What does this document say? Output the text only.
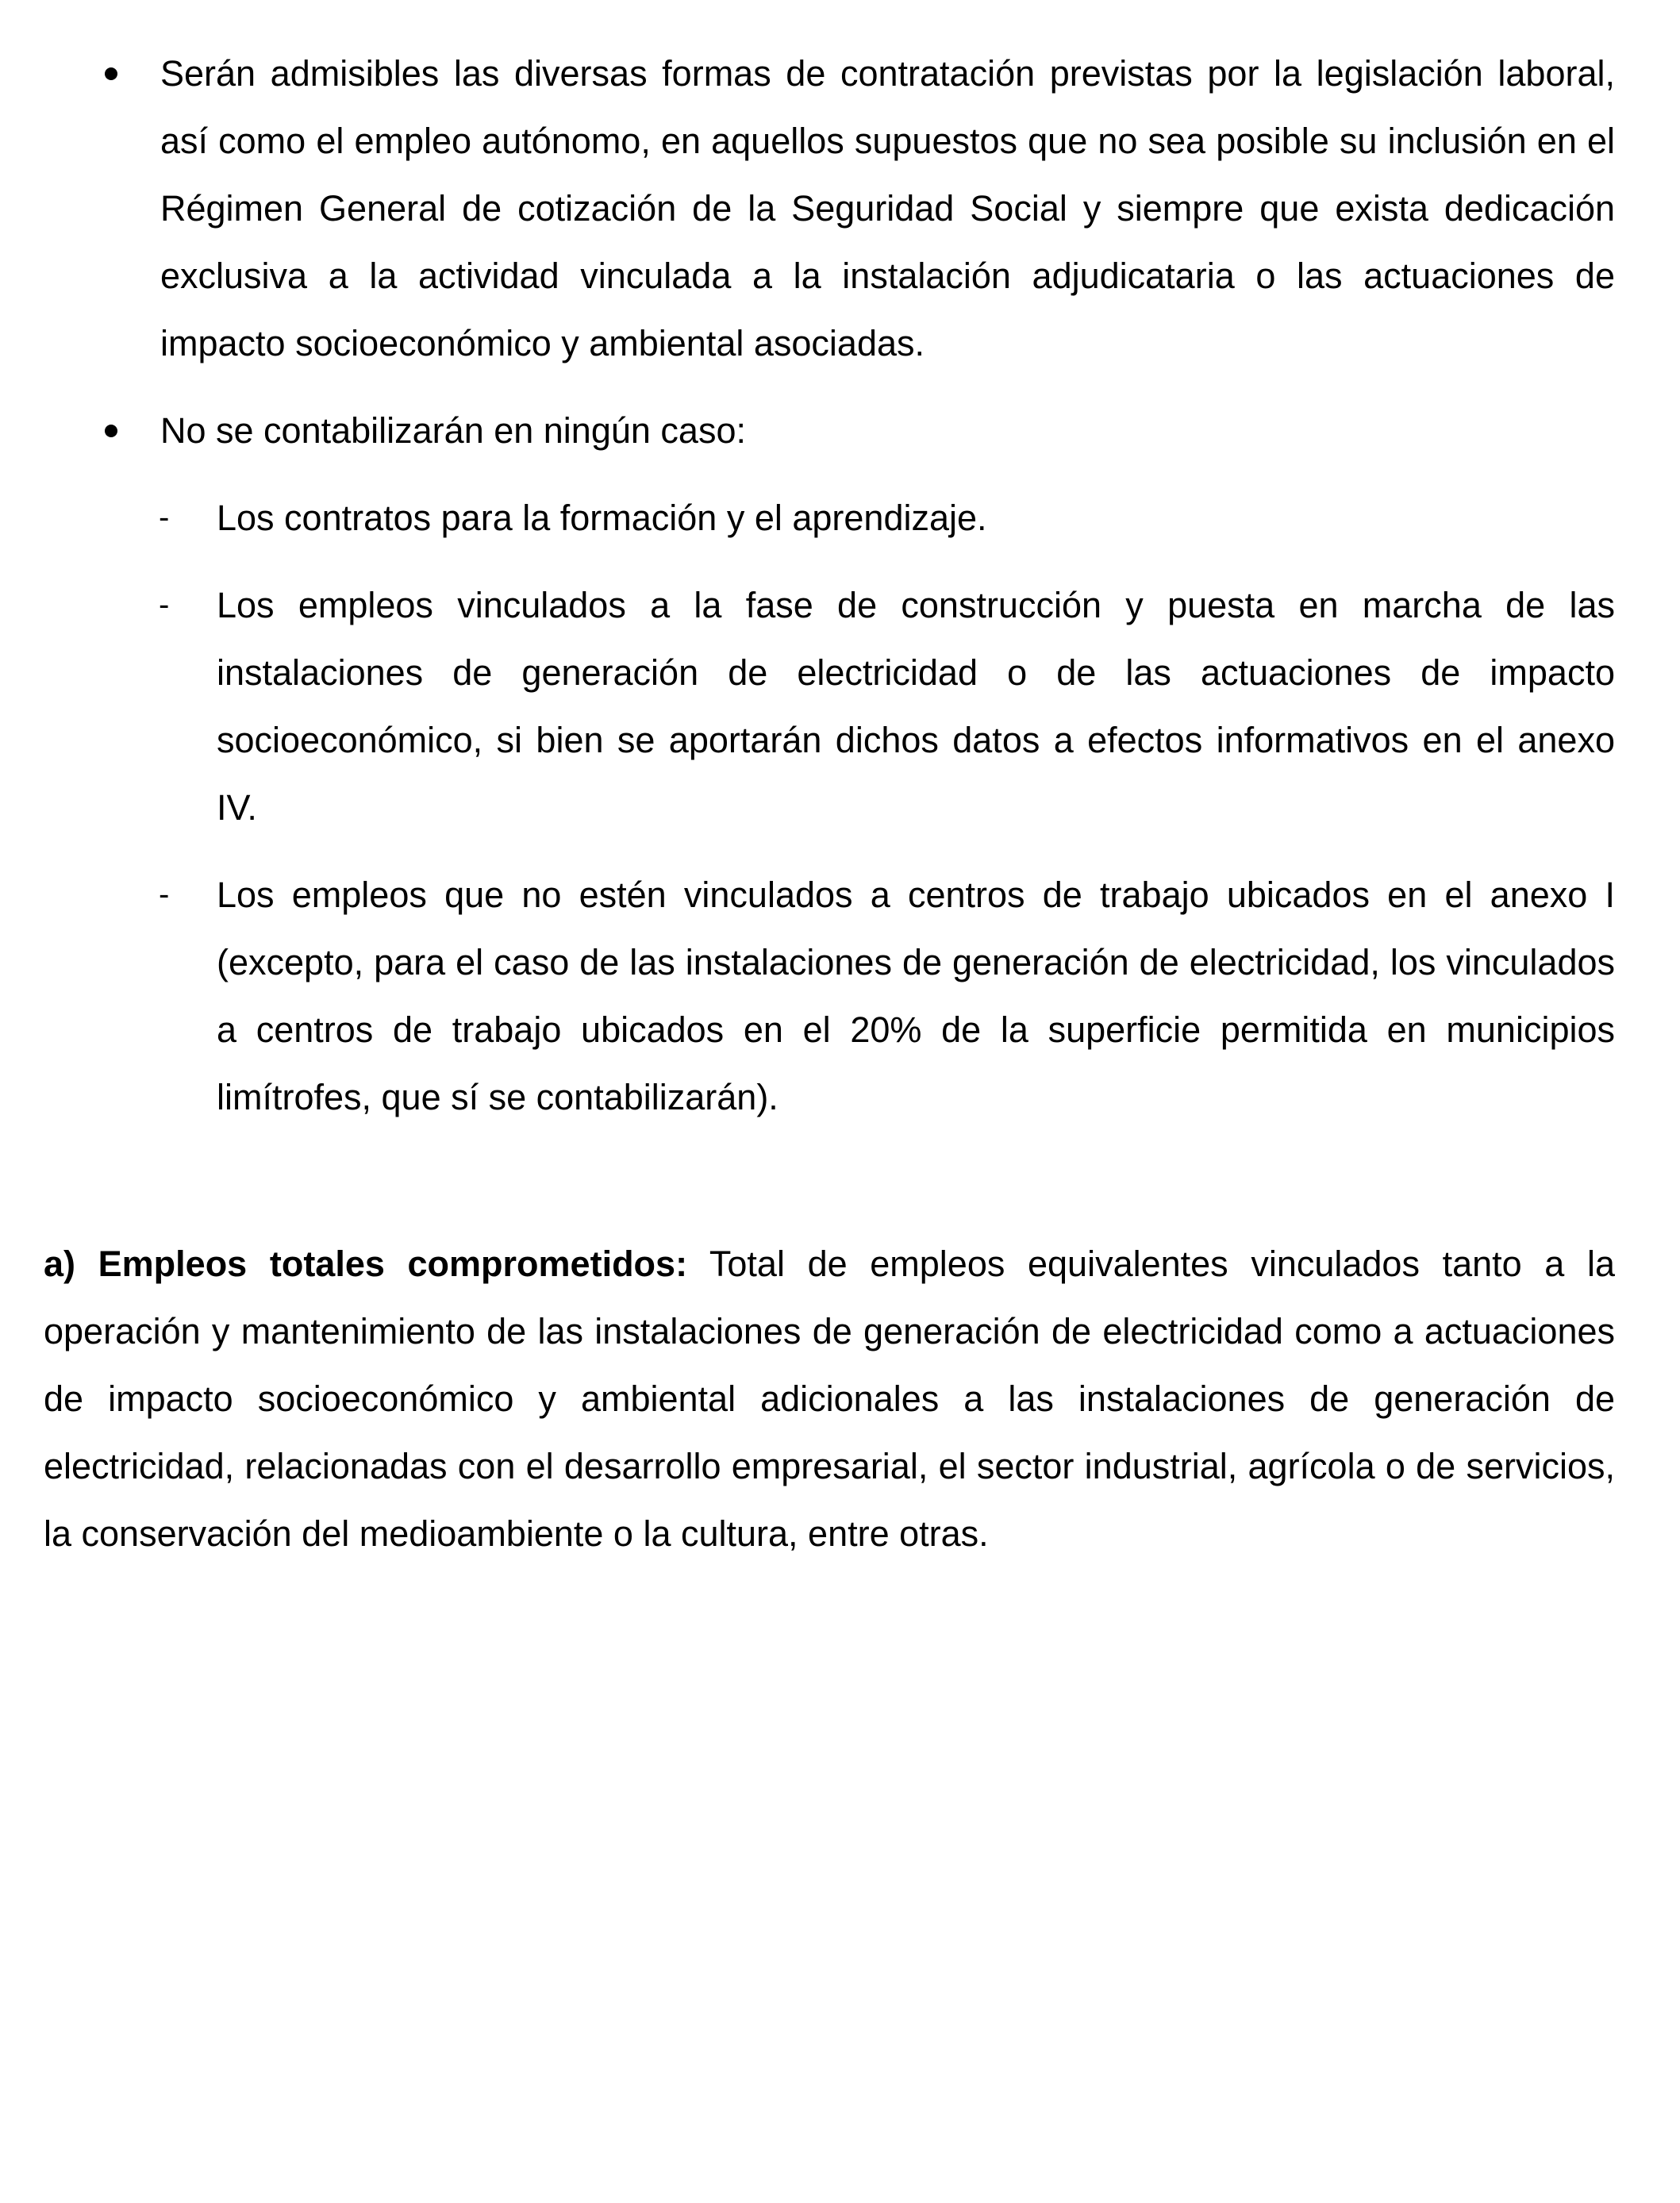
Serán admisibles las diversas formas de contratación previstas por la legislación laboral, así como el empleo autónomo, en aquellos supuestos que no sea posible su inclusión en el Régimen General de cotización de la Seguridad Social y siempre que exista dedicación exclusiva a la actividad vinculada a la instalación adjudicataria o las actuaciones de impacto socioeconómico y ambiental asociadas.
No se contabilizarán en ningún caso:
-	Los contratos para la formación y el aprendizaje.
-	Los empleos vinculados a la fase de construcción y puesta en marcha de las instalaciones de generación de electricidad o de las actuaciones de impacto socioeconómico, si bien se aportarán dichos datos a efectos informativos en el anexo IV.
-	Los empleos que no estén vinculados a centros de trabajo ubicados en el anexo I (excepto, para el caso de las instalaciones de generación de electricidad, los vinculados a centros de trabajo ubicados en el 20% de la superficie permitida en municipios limítrofes, que sí se contabilizarán).

a) Empleos totales comprometidos: Total de empleos equivalentes vinculados tanto a la operación y mantenimiento de las instalaciones de generación de electricidad como a actuaciones de impacto socioeconómico y ambiental adicionales a las instalaciones de generación de electricidad, relacionadas con el desarrollo empresarial, el sector industrial, agrícola o de servicios, la conservación del medioambiente o la cultura, entre otras.
